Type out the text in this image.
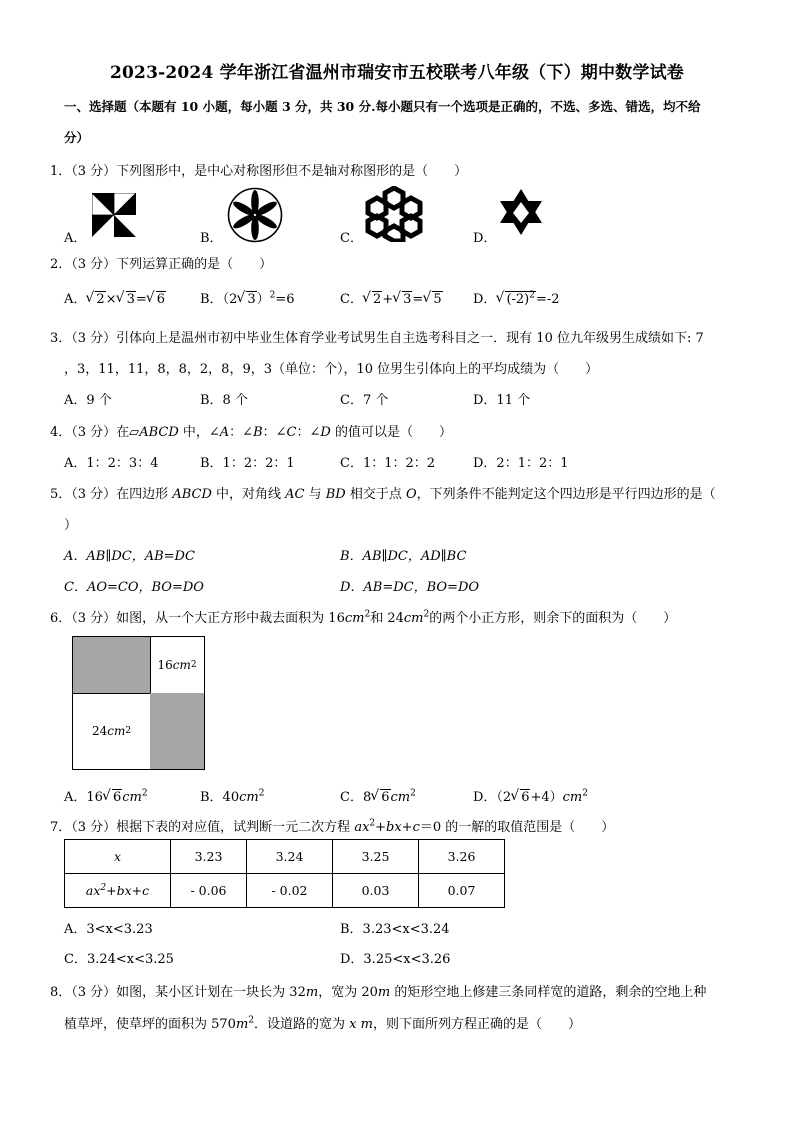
2023-2024 学年浙江省温州市瑞安市五校联考八年级（下）期中数学试卷
一、选择题（本题有 10 小题，每小题 3 分，共 30 分.每小题只有一个选项是正确的，不选、多选、错选，均不给
分）
1．（3 分）下列图形中，是中心对称图形但不是轴对称图形的是（　　）
A．	B．	C．	D．
2．（3 分）下列运算正确的是（　　）
A． √ 2× √ 3= √ 6	B．（2 √ 3）$^2$=6	C． √ 2+ √ 3= √ 5 D． √ $(-2)^2=-2$
3．（3 分）引体向上是温州市初中毕业生体育学业考试男生自主选考科目之一．现有 10 位九年级男生成绩如下: 7
，3，11，11，8，8，2，8，9，3（单位：个），10 位男生引体向上的平均成绩为（　　）
A．9 个	B．8 个	C．7 个	D．11 个
4．（3 分）在▱ABCD 中，∠A：∠B：∠C：∠D 的值可以是（　　）
A．1：2：3：4	B．1：2：2：1	C．1：1：2：2	D．2：1：2：1
5．（3 分）在四边形 ABCD 中，对角线 AC 与 BD 相交于点 O，下列条件不能判定这个四边形是平行四边形的是（
）
A．AB∥DC，AB=DC	B．AB∥DC，AD∥BC
C．AO=CO，BO=DO	D．AB=DC，BO=DO
6．（3 分）如图，从一个大正方形中裁去面积为 $16cm^2$和 $24cm^2$的两个小正方形，则余下的面积为（　　）
16 cm 2
24 cm 2
A．16 √ $6cm^2$	B．$40cm^2$	C．8 √ $6cm^2$	D．（2 √ $6+4)cm^2$
7．（3 分）根据下表的对应值，试判断一元二次方程 $ax^2+bx+c=0$ 的一解的取值范围是（　　）
x	3.23	3.24	3.25	3.26
$ax^2+bx+c$	- 0.06	- 0.02	0.03	0.07
A．3<x<3.23	B．3.23<x<3.24
C．3.24<x<3.25	D．3.25<x<3.26
8．（3 分）如图，某小区计划在一块长为 32m，宽为 20m 的矩形空地上修建三条同样宽的道路，剩余的空地上种
植草坪，使草坪的面积为 $570m^2$．设道路的宽为 x m，则下面所列方程正确的是（　　）
